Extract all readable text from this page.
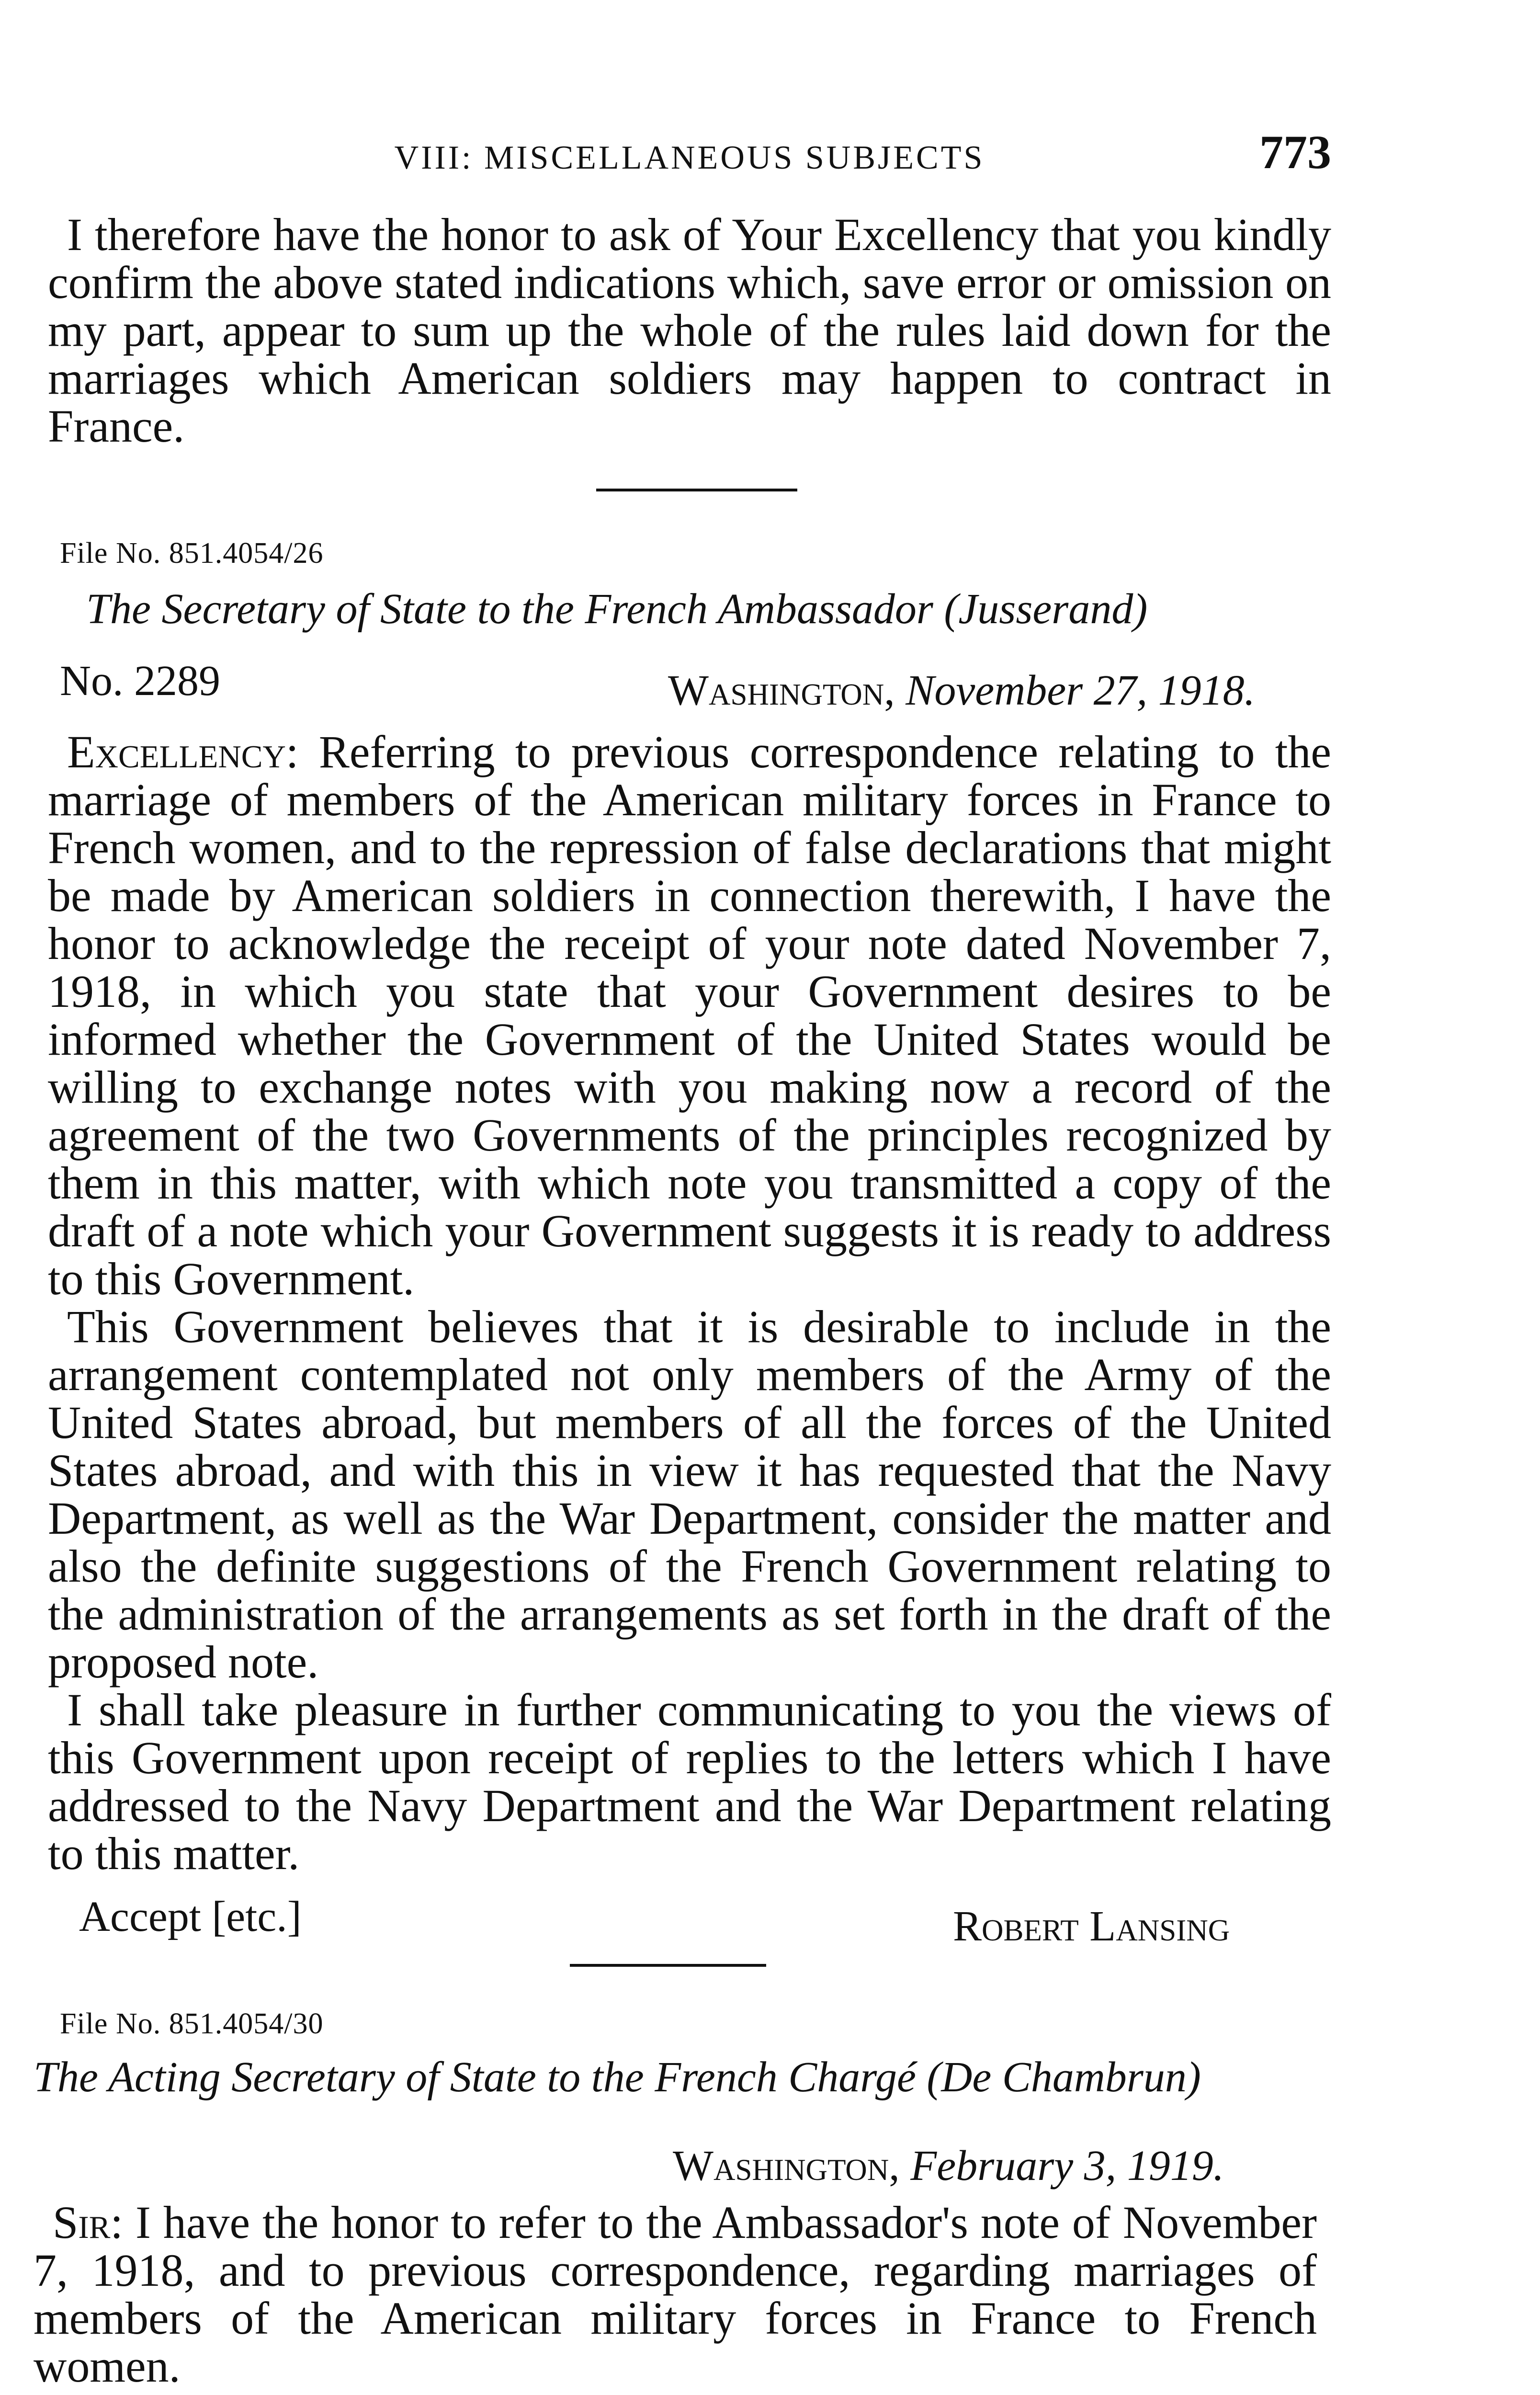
VIII: MISCELLANEOUS SUBJECTS	773

I therefore have the honor to ask of Your Excellency that you kindly confirm the above stated indications which, save error or omission on my part, appear to sum up the whole of the rules laid down for the marriages which American soldiers may happen to contract in France.

File No. 851.4054/26
The Secretary of State to the French Ambassador (Jusserand)
No. 2289	Washington, November 27, 1918.

Excellency: Referring to previous correspondence relating to the marriage of members of the American military forces in France to French women, and to the repression of false declarations that might be made by American soldiers in connection therewith, I have the honor to acknowledge the receipt of your note dated November 7, 1918, in which you state that your Government desires to be informed whether the Government of the United States would be willing to exchange notes with you making now a record of the agreement of the two Governments of the principles recognized by them in this matter, with which note you transmitted a copy of the draft of a note which your Government suggests it is ready to address to this Government.

This Government believes that it is desirable to include in the arrangement contemplated not only members of the Army of the United States abroad, but members of all the forces of the United States abroad, and with this in view it has requested that the Navy Department, as well as the War Department, consider the matter and also the definite suggestions of the French Government relating to the administration of the arrangements as set forth in the draft of the proposed note.

I shall take pleasure in further communicating to you the views of this Government upon receipt of replies to the letters which I have addressed to the Navy Department and the War Department relating to this matter.

Accept [etc.]	Robert Lansing
File No. 851.4054/30
The Acting Secretary of State to the French Chargé (De Chambrun)
Washington, February 3, 1919.

Sir: I have the honor to refer to the Ambassador's note of November 7, 1918, and to previous correspondence, regarding marriages of members of the American military forces in France to French women.
